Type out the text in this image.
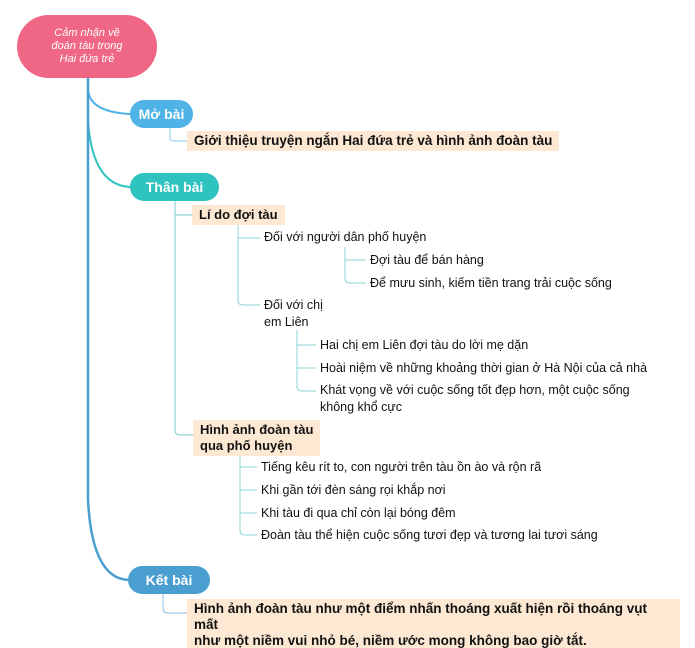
Cảm nhận về
đoàn tàu trong
Hai đứa trẻ
Mở bài
Giới thiệu truyện ngắn Hai đứa trẻ và hình ảnh đoàn tàu
Thân bài
Lí do đợi tàu
Đối với người dân phố huyện
Đợi tàu để bán hàng
Để mưu sinh, kiếm tiền trang trải cuộc sống
Đối với chị
em Liên
Hai chị em Liên đợi tàu do lời mẹ dặn
Hoài niệm về những khoảng thời gian ở Hà Nội của cả nhà
Khát vọng về với cuộc sống tốt đẹp hơn, một cuộc sống
không khổ cực
Hình ảnh đoàn tàu
qua phố huyện
Tiếng kêu rít to, con người trên tàu ồn ào và rộn rã
Khi gần tới đèn sáng rọi khắp nơi
Khi tàu đi qua chỉ còn lại bóng đêm
Đoàn tàu thể hiện cuộc sống tươi đẹp và tương lai tươi sáng
Kết bài
Hình ảnh đoàn tàu như một điểm nhấn thoáng xuất hiện rồi thoáng vụt mất
như một niềm vui nhỏ bé, niềm ước mong không bao giờ tắt.
